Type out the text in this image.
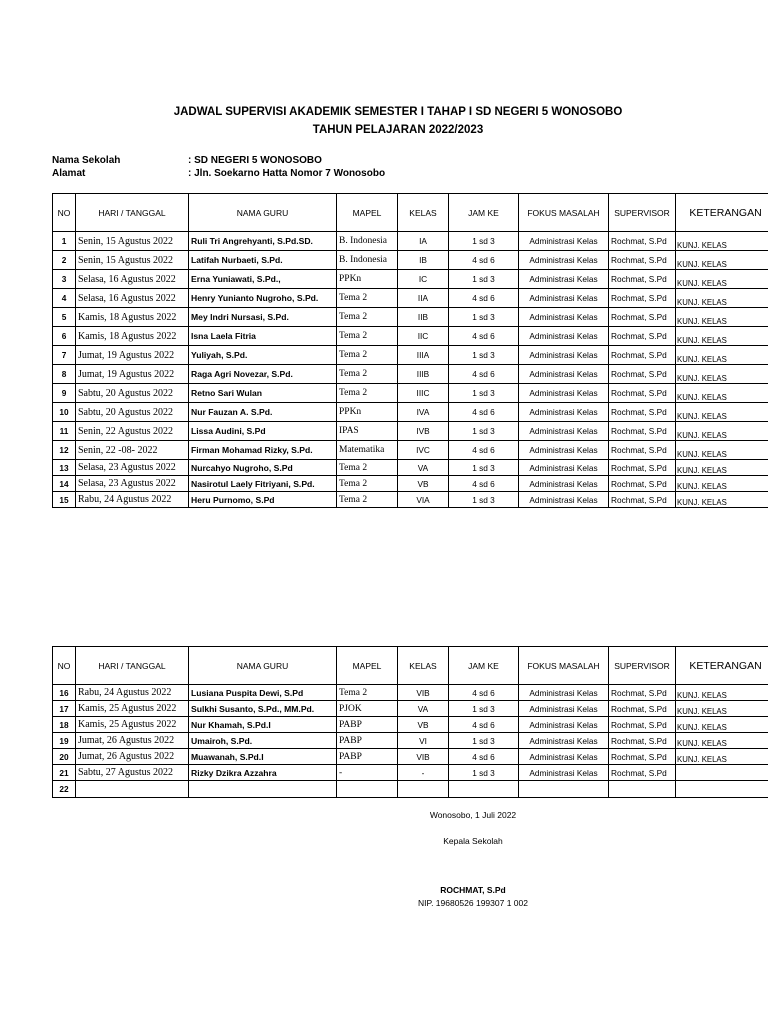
JADWAL SUPERVISI AKADEMIK SEMESTER I TAHAP I SD NEGERI 5 WONOSOBO
TAHUN PELAJARAN 2022/2023
Nama Sekolah	: SD NEGERI 5 WONOSOBO
Alamat	: Jln. Soekarno Hatta Nomor 7 Wonosobo
NO	HARI / TANGGAL	NAMA GURU	MAPEL	KELAS	JAM KE	FOKUS MASALAH	SUPERVISOR	KETERANGAN
1	Senin, 15 Agustus 2022	Ruli Tri Angrehyanti, S.Pd.SD.	B. Indonesia	IA	1 sd 3	Administrasi Kelas	Rochmat, S.Pd	KUNJ. KELAS
2	Senin, 15 Agustus 2022	Latifah Nurbaeti, S.Pd.	B. Indonesia	IB	4 sd 6	Administrasi Kelas	Rochmat, S.Pd	KUNJ. KELAS
3	Selasa, 16 Agustus 2022	Erna Yuniawati, S.Pd.,	PPKn	IC	1 sd 3	Administrasi Kelas	Rochmat, S.Pd	KUNJ. KELAS
4	Selasa, 16 Agustus 2022	Henry Yunianto Nugroho, S.Pd.	Tema 2	IIA	4 sd 6	Administrasi Kelas	Rochmat, S.Pd	KUNJ. KELAS
5	Kamis, 18 Agustus 2022	Mey Indri Nursasi, S.Pd.	Tema 2	IIB	1 sd 3	Administrasi Kelas	Rochmat, S.Pd	KUNJ. KELAS
6	Kamis, 18 Agustus 2022	Isna Laela Fitria	Tema 2	IIC	4 sd 6	Administrasi Kelas	Rochmat, S.Pd	KUNJ. KELAS
7	Jumat, 19 Agustus 2022	Yuliyah, S.Pd.	Tema 2	IIIA	1 sd 3	Administrasi Kelas	Rochmat, S.Pd	KUNJ. KELAS
8	Jumat, 19 Agustus 2022	Raga Agri Novezar, S.Pd.	Tema 2	IIIB	4 sd 6	Administrasi Kelas	Rochmat, S.Pd	KUNJ. KELAS
9	Sabtu, 20 Agustus 2022	Retno Sari Wulan	Tema 2	IIIC	1 sd 3	Administrasi Kelas	Rochmat, S.Pd	KUNJ. KELAS
10	Sabtu, 20 Agustus 2022	Nur Fauzan A. S.Pd.	PPKn	IVA	4 sd 6	Administrasi Kelas	Rochmat, S.Pd	KUNJ. KELAS
11	Senin, 22 Agustus 2022	Lissa Audini, S.Pd	IPAS	IVB	1 sd 3	Administrasi Kelas	Rochmat, S.Pd	KUNJ. KELAS
12	Senin, 22 -08- 2022	Firman Mohamad Rizky, S.Pd.	Matematika	IVC	4 sd 6	Administrasi Kelas	Rochmat, S.Pd	KUNJ. KELAS
13	Selasa, 23 Agustus 2022	Nurcahyo Nugroho, S.Pd	Tema 2	VA	1 sd 3	Administrasi Kelas	Rochmat, S.Pd	KUNJ. KELAS
14	Selasa, 23 Agustus 2022	Nasirotul Laely Fitriyani, S.Pd.	Tema 2	VB	4 sd 6	Administrasi Kelas	Rochmat, S.Pd	KUNJ. KELAS
15	Rabu, 24 Agustus 2022	Heru Purnomo, S.Pd	Tema 2	VIA	1 sd 3	Administrasi Kelas	Rochmat, S.Pd	KUNJ. KELAS
NO	HARI / TANGGAL	NAMA GURU	MAPEL	KELAS	JAM KE	FOKUS MASALAH	SUPERVISOR	KETERANGAN
16	Rabu, 24 Agustus 2022	Lusiana Puspita Dewi, S.Pd	Tema 2	VIB	4 sd 6	Administrasi Kelas	Rochmat, S.Pd	KUNJ. KELAS
17	Kamis, 25 Agustus 2022	Sulkhi Susanto, S.Pd., MM.Pd.	PJOK	VA	1 sd 3	Administrasi Kelas	Rochmat, S.Pd	KUNJ. KELAS
18	Kamis, 25 Agustus 2022	Nur Khamah, S.Pd.I	PABP	VB	4 sd 6	Administrasi Kelas	Rochmat, S.Pd	KUNJ. KELAS
19	Jumat, 26 Agustus 2022	Umairoh, S.Pd.	PABP	VI	1 sd 3	Administrasi Kelas	Rochmat, S.Pd	KUNJ. KELAS
20	Jumat, 26 Agustus 2022	Muawanah, S.Pd.I	PABP	VIB	4 sd 6	Administrasi Kelas	Rochmat, S.Pd	KUNJ. KELAS
21	Sabtu, 27 Agustus 2022	Rizky Dzikra Azzahra	-	-	1 sd 3	Administrasi Kelas	Rochmat, S.Pd	
22								
Wonosobo, 1 Juli 2022
Kepala Sekolah
ROCHMAT, S.Pd
NIP. 19680526 199307 1 002
